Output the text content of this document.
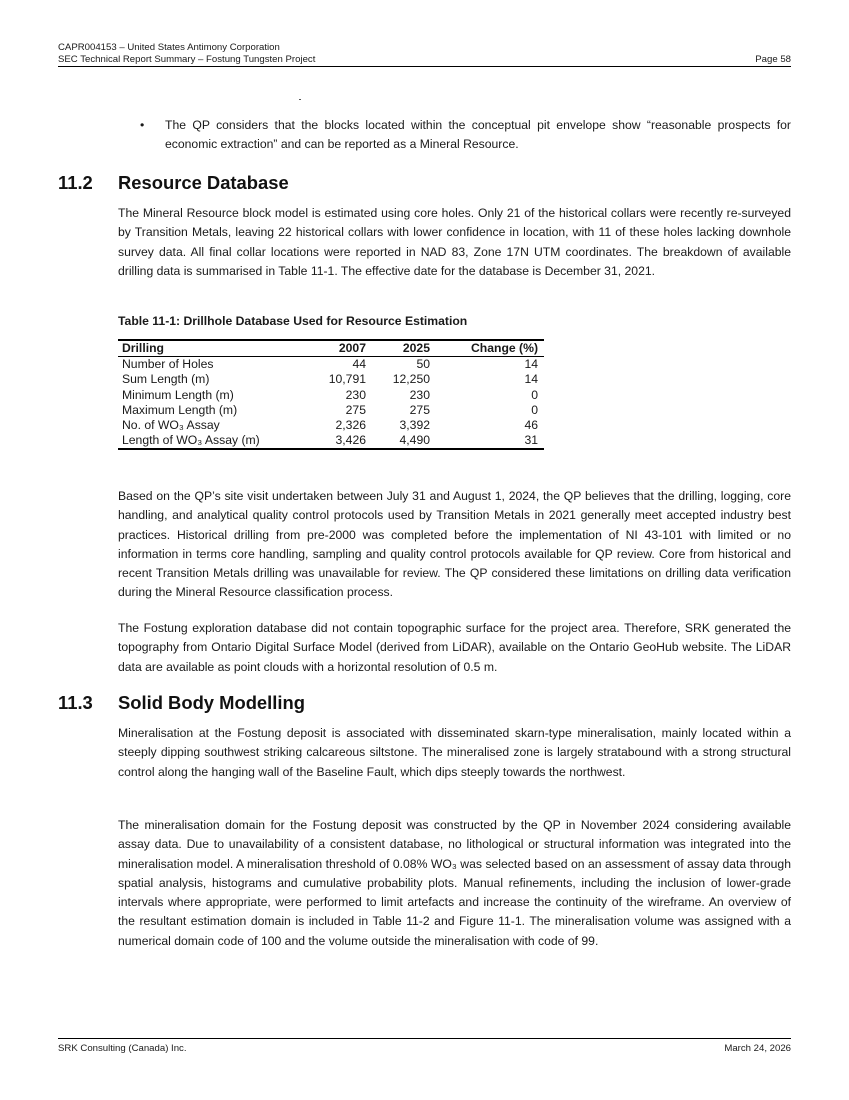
CAPR004153 – United States Antimony Corporation
SEC Technical Report Summary – Fostung Tungsten Project	Page 58
• The QP considers that the blocks located within the conceptual pit envelope show “reasonable prospects for economic extraction” and can be reported as a Mineral Resource.
11.2 Resource Database

The Mineral Resource block model is estimated using core holes. Only 21 of the historical collars were recently re-surveyed by Transition Metals, leaving 22 historical collars with lower confidence in location, with 11 of these holes lacking downhole survey data. All final collar locations were reported in NAD 83, Zone 17N UTM coordinates. The breakdown of available drilling data is summarised in Table 11-1. The effective date for the database is December 31, 2021.

Table 11-1: Drillhole Database Used for Resource Estimation
Drilling	2007	2025	Change (%)
Number of Holes	44	50	14
Sum Length (m)	10,791	12,250	14
Minimum Length (m)	230	230	0
Maximum Length (m)	275	275	0
No. of WO₃ Assay	2,326	3,392	46
Length of WO₃ Assay (m)	3,426	4,490	31

Based on the QP’s site visit undertaken between July 31 and August 1, 2024, the QP believes that the drilling, logging, core handling, and analytical quality control protocols used by Transition Metals in 2021 generally meet accepted industry best practices. Historical drilling from pre-2000 was completed before the implementation of NI 43-101 with limited or no information in terms core handling, sampling and quality control protocols available for QP review. Core from historical and recent Transition Metals drilling was unavailable for review. The QP considered these limitations on drilling data verification during the Mineral Resource classification process.

The Fostung exploration database did not contain topographic surface for the project area. Therefore, SRK generated the topography from Ontario Digital Surface Model (derived from LiDAR), available on the Ontario GeoHub website. The LiDAR data are available as point clouds with a horizontal resolution of 0.5 m.

11.3 Solid Body Modelling

Mineralisation at the Fostung deposit is associated with disseminated skarn-type mineralisation, mainly located within a steeply dipping southwest striking calcareous siltstone. The mineralised zone is largely stratabound with a strong structural control along the hanging wall of the Baseline Fault, which dips steeply towards the northwest.

The mineralisation domain for the Fostung deposit was constructed by the QP in November 2024 considering available assay data. Due to unavailability of a consistent database, no lithological or structural information was integrated into the mineralisation model. A mineralisation threshold of 0.08% WO₃ was selected based on an assessment of assay data through spatial analysis, histograms and cumulative probability plots. Manual refinements, including the inclusion of lower-grade intervals where appropriate, were performed to limit artefacts and increase the continuity of the wireframe. An overview of the resultant estimation domain is included in Table 11-2 and Figure 11-1. The mineralisation volume was assigned with a numerical domain code of 100 and the volume outside the mineralisation with code of 99.

SRK Consulting (Canada) Inc.	March 24, 2026
